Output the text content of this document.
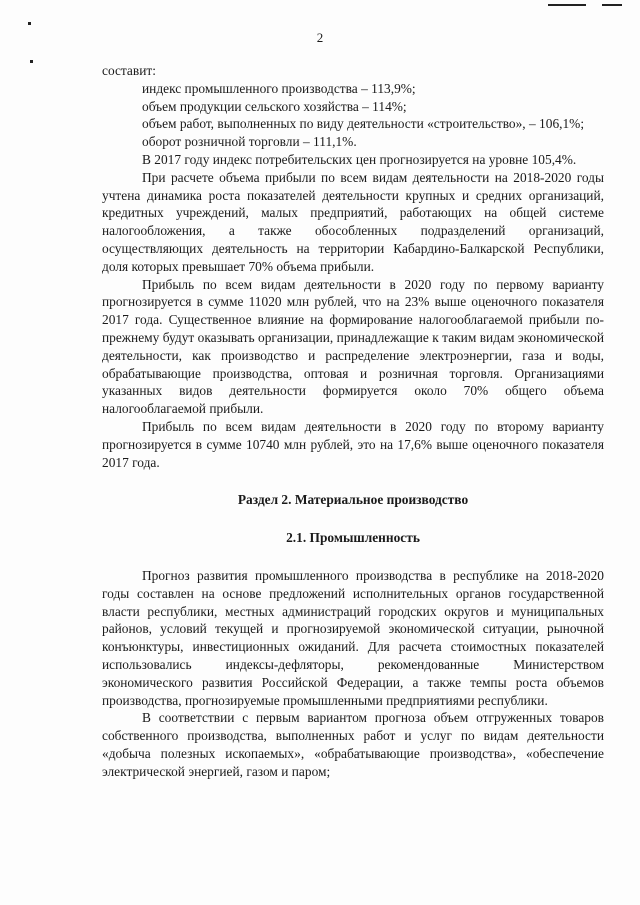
2

составит:

индекс промышленного производства – 113,9%;

объем продукции сельского хозяйства – 114%;

объем работ, выполненных по виду деятельности «строительство», – 106,1%;

оборот розничной торговли – 111,1%.

В 2017 году индекс потребительских цен прогнозируется на уровне 105,4%.

При расчете объема прибыли по всем видам деятельности на 2018-2020 годы учтена динамика роста показателей деятельности крупных и средних организаций, кредитных учреждений, малых предприятий, работающих на общей системе налогообложения, а также обособленных подразделений организаций, осуществляющих деятельность на территории Кабардино-Балкарской Республики, доля которых превышает 70% объема прибыли.

Прибыль по всем видам деятельности в 2020 году по первому варианту прогнозируется в сумме 11020 млн рублей, что на 23% выше оценочного показателя 2017 года. Существенное влияние на формирование налогооблагаемой прибыли по-прежнему будут оказывать организации, принадлежащие к таким видам экономической деятельности, как производство и распределение электроэнергии, газа и воды, обрабатывающие производства, оптовая и розничная торговля. Организациями указанных видов деятельности формируется около 70% общего объема налогооблагаемой прибыли.

Прибыль по всем видам деятельности в 2020 году по второму варианту прогнозируется в сумме 10740 млн рублей, это на 17,6% выше оценочного показателя 2017 года.

Раздел 2. Материальное производство

2.1. Промышленность

Прогноз развития промышленного производства в республике на 2018-2020 годы составлен на основе предложений исполнительных органов государственной власти республики, местных администраций городских округов и муниципальных районов, условий текущей и прогнозируемой экономической ситуации, рыночной конъюнктуры, инвестиционных ожиданий. Для расчета стоимостных показателей использовались индексы-дефляторы, рекомендованные Министерством экономического развития Российской Федерации, а также темпы роста объемов производства, прогнозируемые промышленными предприятиями республики.

В соответствии с первым вариантом прогноза объем отгруженных товаров собственного производства, выполненных работ и услуг по видам деятельности «добыча полезных ископаемых», «обрабатывающие производства», «обеспечение электрической энергией, газом и паром;
